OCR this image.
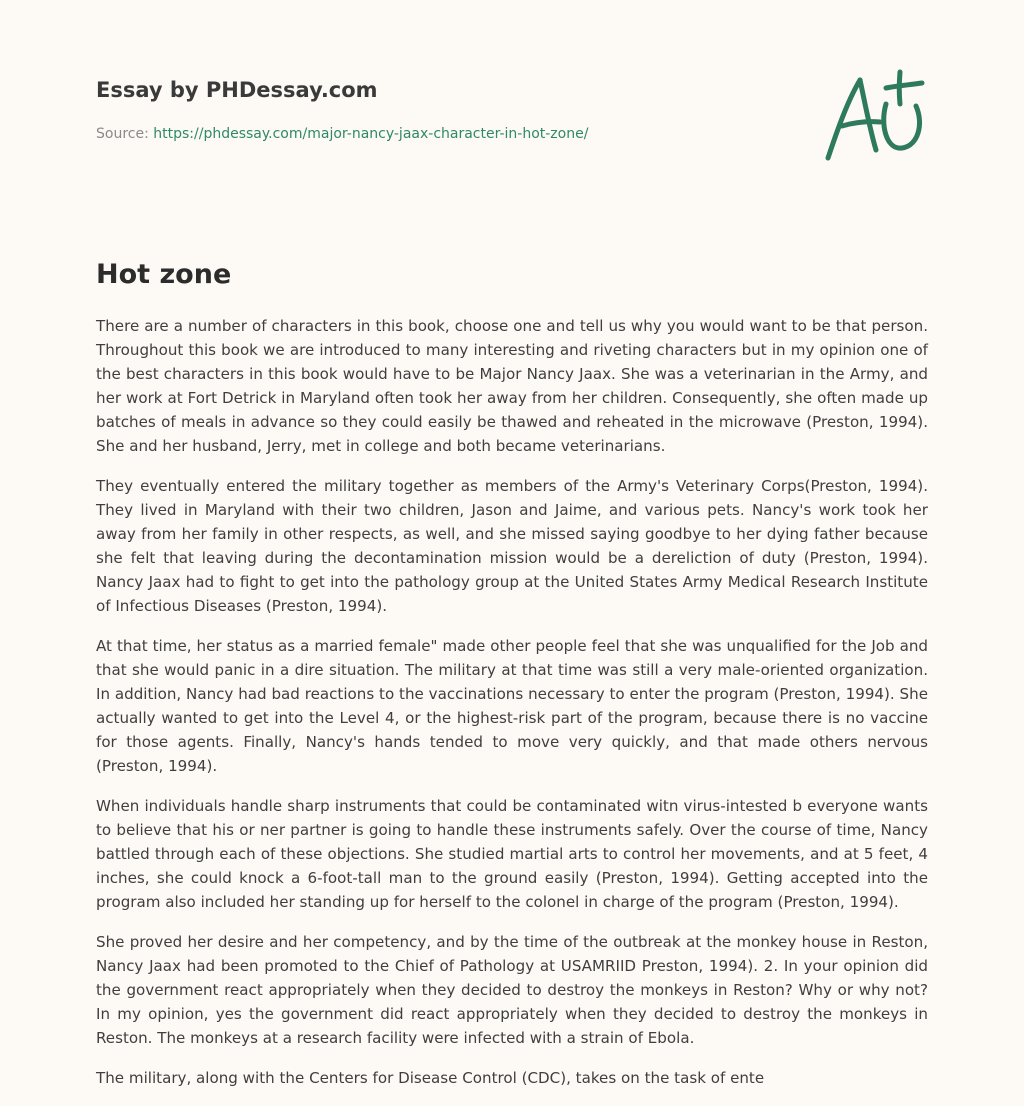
Essay by PHDessay.com
Source: https://phdessay.com/major-nancy-jaax-character-in-hot-zone/
Hot zone

There are a number of characters in this book, choose one and tell us why you would want to be that person. Throughout this book we are introduced to many interesting and riveting characters but in my opinion one of the best characters in this book would have to be Major Nancy Jaax. She was a veterinarian in the Army, and her work at Fort Detrick in Maryland often took her away from her children. Consequently, she often made up batches of meals in advance so they could easily be thawed and reheated in the microwave (Preston, 1994). She and her husband, Jerry, met in college and both became veterinarians.

They eventually entered the military together as members of the Army's Veterinary Corps(Preston, 1994). They lived in Maryland with their two children, Jason and Jaime, and various pets. Nancy's work took her away from her family in other respects, as well, and she missed saying goodbye to her dying father because she felt that leaving during the decontamination mission would be a dereliction of duty (Preston, 1994). Nancy Jaax had to fight to get into the pathology group at the United States Army Medical Research Institute of Infectious Diseases (Preston, 1994).

At that time, her status as a married female" made other people feel that she was unqualified for the Job and that she would panic in a dire situation. The military at that time was still a very male-oriented organization. In addition, Nancy had bad reactions to the vaccinations necessary to enter the program (Preston, 1994). She actually wanted to get into the Level 4, or the highest-risk part of the program, because there is no vaccine for those agents. Finally, Nancy's hands tended to move very quickly, and that made others nervous (Preston, 1994).

When individuals handle sharp instruments that could be contaminated witn virus-intested b everyone wants to believe that his or ner partner is going to handle these instruments safely. Over the course of time, Nancy battled through each of these objections. She studied martial arts to control her movements, and at 5 feet, 4 inches, she could knock a 6-foot-tall man to the ground easily (Preston, 1994). Getting accepted into the program also included her standing up for herself to the colonel in charge of the program (Preston, 1994).

She proved her desire and her competency, and by the time of the outbreak at the monkey house in Reston, Nancy Jaax had been promoted to the Chief of Pathology at USAMRIID Preston, 1994). 2. In your opinion did the government react appropriately when they decided to destroy the monkeys in Reston? Why or why not? In my opinion, yes the government did react appropriately when they decided to destroy the monkeys in Reston. The monkeys at a research facility were infected with a strain of Ebola.

The military, along with the Centers for Disease Control (CDC), takes on the task of ente
